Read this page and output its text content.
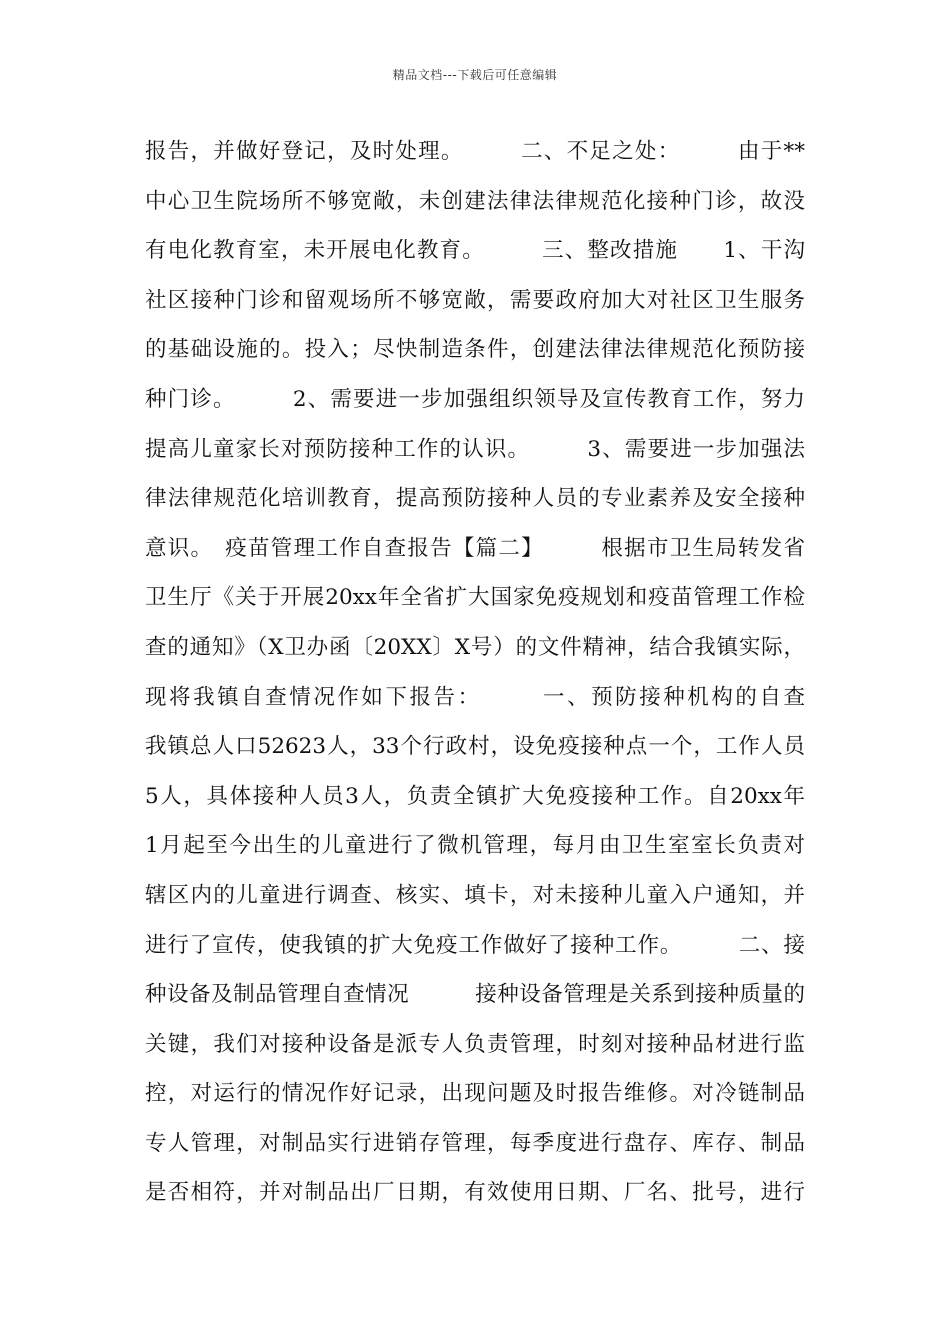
精品文档---下载后可任意编辑
报告，并做好登记，及时处理。　　　二、不足之处：　　　由于**
中心卫生院场所不够宽敞，未创建法律法律规范化接种门诊，故没
有电化教育室，未开展电化教育。　　　三、整改措施　　1、干沟
社区接种门诊和留观场所不够宽敞，需要政府加大对社区卫生服务
的基础设施的。投入；尽快制造条件，创建法律法律规范化预防接
种门诊。　　　2、需要进一步加强组织领导及宣传教育工作，努力
提高儿童家长对预防接种工作的认识。　　　3、需要进一步加强法
律法律规范化培训教育，提高预防接种人员的专业素养及安全接种
意识。　疫苗管理工作自查报告【篇二】　　　根据市卫生局转发省
卫生厅《关于开展20xx年全省扩大国家免疫规划和疫苗管理工作检
查的通知》（X卫办函〔20XX〕X号）的文件精神，结合我镇实际，
现将我镇自查情况作如下报告：　　　一、预防接种机构的自查
我镇总人口52623人，33个行政村，设免疫接种点一个，工作人员
5人，具体接种人员3人，负责全镇扩大免疫接种工作。自20xx年
1月起至今出生的儿童进行了微机管理，每月由卫生室室长负责对
辖区内的儿童进行调查、核实、填卡，对未接种儿童入户通知，并
进行了宣传，使我镇的扩大免疫工作做好了接种工作。　　　二、接
种设备及制品管理自查情况　　　接种设备管理是关系到接种质量的
关键，我们对接种设备是派专人负责管理，时刻对接种品材进行监
控，对运行的情况作好记录，出现问题及时报告维修。对冷链制品
专人管理，对制品实行进销存管理，每季度进行盘存、库存、制品
是否相符，并对制品出厂日期，有效使用日期、厂名、批号，进行
